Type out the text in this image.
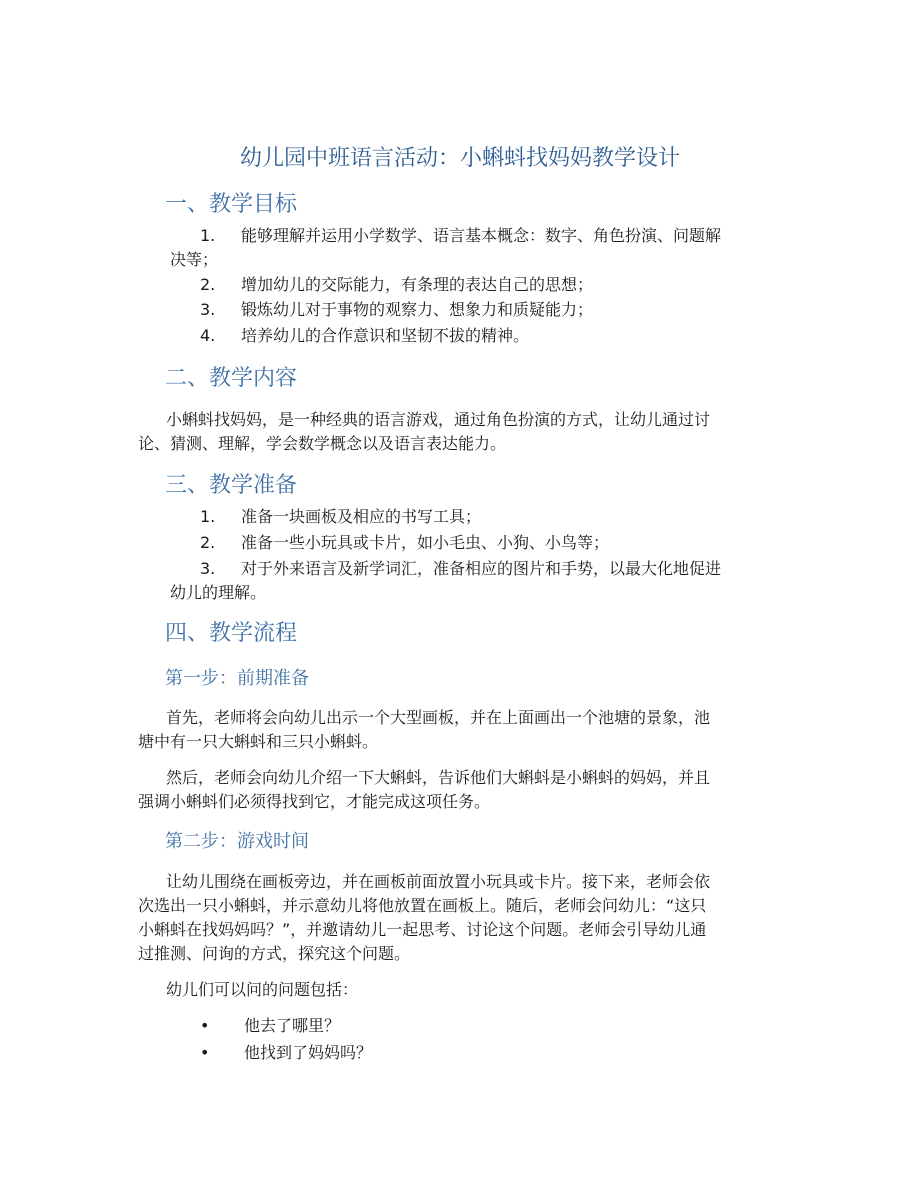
幼儿园中班语言活动：小蝌蚪找妈妈教学设计
一、教学目标
1. 能够理解并运用小学数学、语言基本概念：数字、角色扮演、问题解
决等；
2. 增加幼儿的交际能力，有条理的表达自己的思想；
3. 锻炼幼儿对于事物的观察力、想象力和质疑能力；
4. 培养幼儿的合作意识和坚韧不拔的精神。
二、教学内容

小蝌蚪找妈妈，是一种经典的语言游戏，通过角色扮演的方式，让幼儿通过讨

论、猜测、理解，学会数学概念以及语言表达能力。

三、教学准备
1. 准备一块画板及相应的书写工具；
2. 准备一些小玩具或卡片，如小毛虫、小狗、小鸟等；
3. 对于外来语言及新学词汇，准备相应的图片和手势，以最大化地促进
幼儿的理解。
四、教学流程
第一步：前期准备

首先，老师将会向幼儿出示一个大型画板，并在上面画出一个池塘的景象，池

塘中有一只大蝌蚪和三只小蝌蚪。

然后，老师会向幼儿介绍一下大蝌蚪，告诉他们大蝌蚪是小蝌蚪的妈妈，并且

强调小蝌蚪们必须得找到它，才能完成这项任务。

第二步：游戏时间

让幼儿围绕在画板旁边，并在画板前面放置小玩具或卡片。接下来，老师会依

次选出一只小蝌蚪，并示意幼儿将他放置在画板上。随后，老师会问幼儿：“这只

小蝌蚪在找妈妈吗？”，并邀请幼儿一起思考、讨论这个问题。老师会引导幼儿通

过推测、问询的方式，探究这个问题。

幼儿们可以问的问题包括：

• 他去了哪里？
• 他找到了妈妈吗？
